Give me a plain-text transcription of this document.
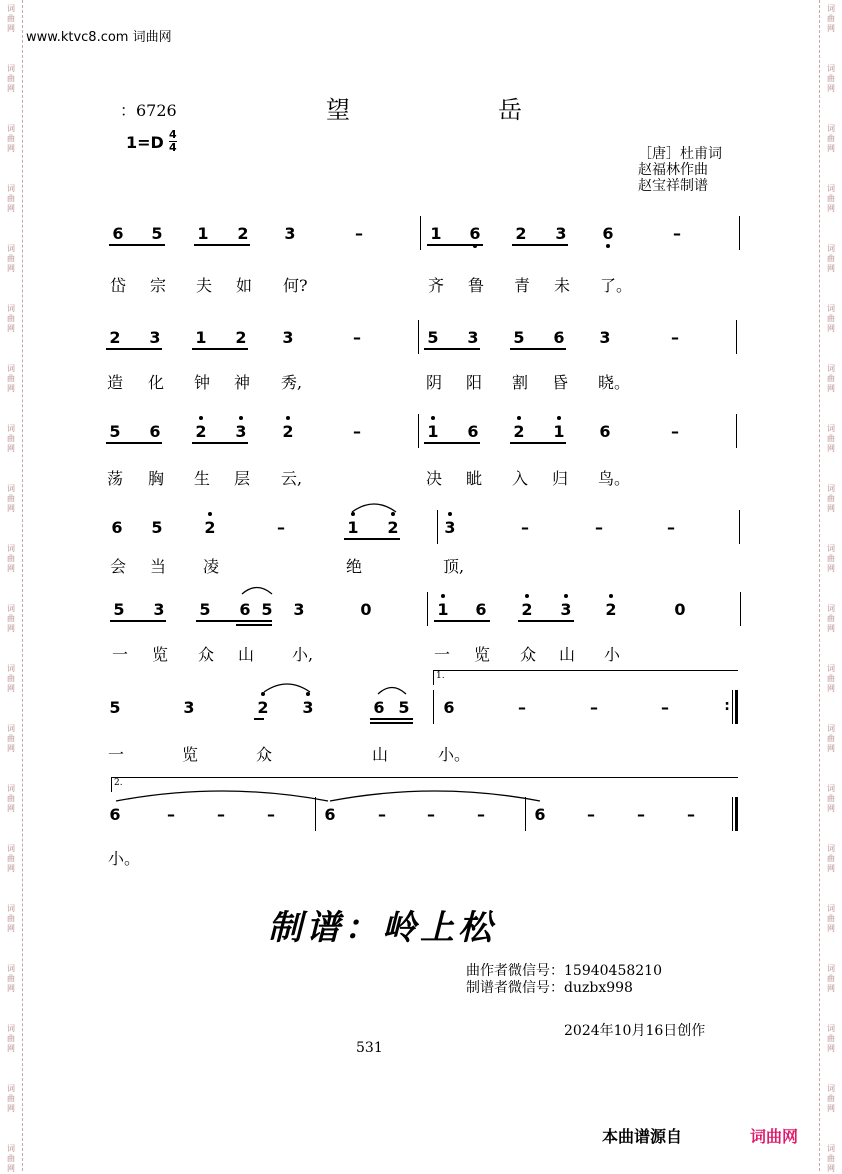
词
曲
网
词
曲
网
词
曲
网
词
曲
网
词
曲
网
词
曲
网
词
曲
网
词
曲
网
词
曲
网
词
曲
网
词
曲
网
词
曲
网
词
曲
网
词
曲
网
词
曲
网
词
曲
网
词
曲
网
词
曲
网
词
曲
网
词
曲
网
词
曲
网
词
曲
网
词
曲
网
词
曲
网
词
曲
网
词
曲
网
词
曲
网
词
曲
网
词
曲
网
词
曲
网
词
曲
网
词
曲
网
词
曲
网
词
曲
网
词
曲
网
词
曲
网
词
曲
网
词
曲
网
词
曲
网
词
曲
网
www.ktvc8.com 词曲网
：6726	望	岳
$1=D \frac{4}{4}$	［唐］杜甫词
赵福林作曲
赵宝祥制谱
6 5 1 2 3	–	1 6 2 3 6	–
岱 宗 夫 如 何?	齐 鲁 青 未 了。
2 3 1 2 3	–	5 3 5 6 3	–
造 化 钟 神 秀,	阴 阳 割 昏 晓。
5 6 2 3 2	–	1 6 2 1 6	–
荡 胸 生 层 云,	决 眦 入 归 鸟。
6 5	2	–	1 2	3	–	–	–
会 当 凌	绝	顶,
5 3 5 6 5 3	0	1 6 2 3 2	0
一 览 众 山 小,	一 览 众 山 小
1.
5	3	2 3	6 5 6	–	–	–	:
一	览	众	山	小。
2.
6	–	–	–	6	–	–	–	6	–	–	–
小。
制谱：岭上松
曲作者微信号：15940458210
制谱者微信号：duzbx998
2024年10月16日创作
531
本曲谱源自	词曲网
